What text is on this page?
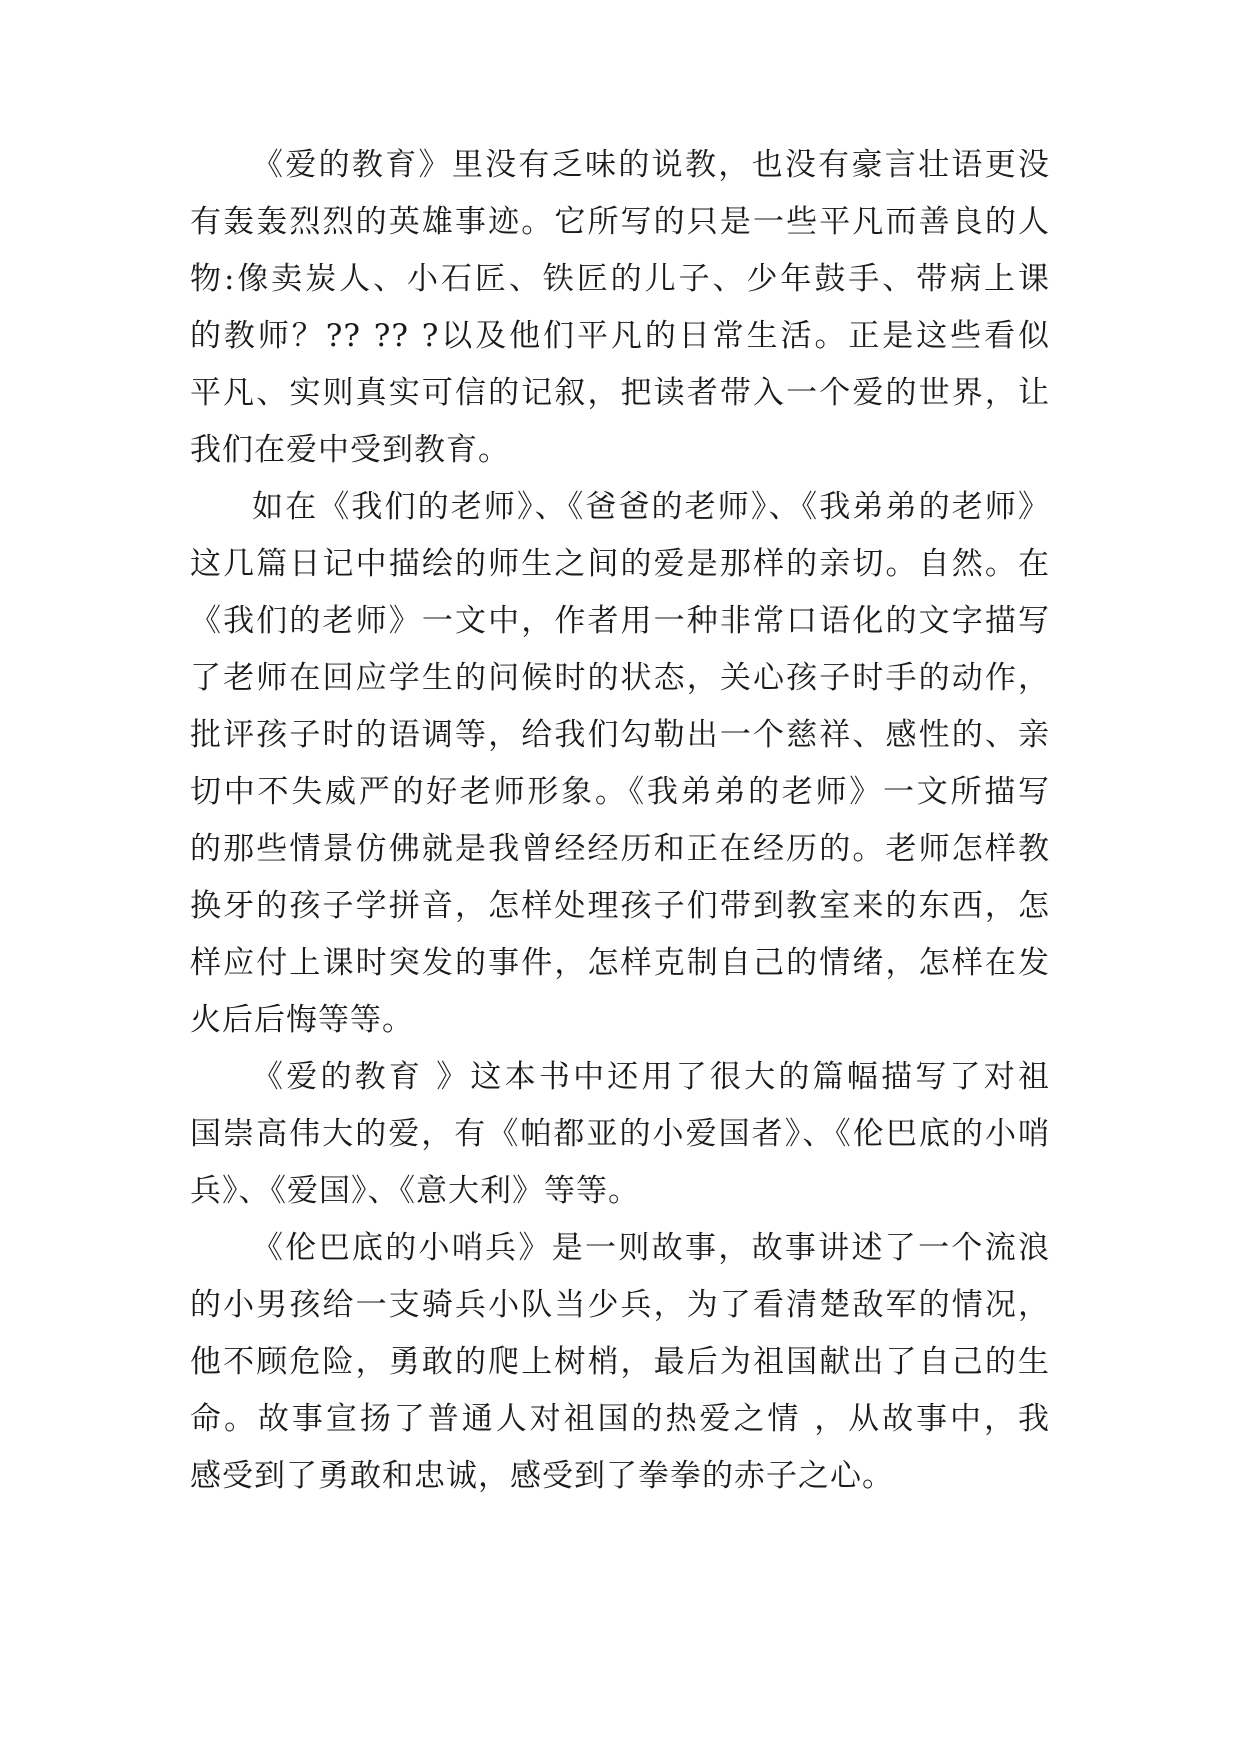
《爱的教育》里没有乏味的说教，也没有豪言壮语更没
有轰轰烈烈的英雄事迹。它所写的只是一些平凡而善良的人
物:像卖炭人、小石匠、铁匠的儿子、少年鼓手、带病上课
的教师？?? ?? ?以及他们平凡的日常生活。正是这些看似
平凡、实则真实可信的记叙，把读者带入一个爱的世界，让
我们在爱中受到教育。
如在《我们的老师》、《爸爸的老师》、《我弟弟的老师》
这几篇日记中描绘的师生之间的爱是那样的亲切。自然。在
《我们的老师》一文中，作者用一种非常口语化的文字描写
了老师在回应学生的问候时的状态，关心孩子时手的动作，
批评孩子时的语调等，给我们勾勒出一个慈祥、感性的、亲
切中不失威严的好老师形象。《我弟弟的老师》一文所描写
的那些情景仿佛就是我曾经经历和正在经历的。老师怎样教
换牙的孩子学拼音，怎样处理孩子们带到教室来的东西，怎
样应付上课时突发的事件，怎样克制自己的情绪，怎样在发
火后后悔等等。
《爱的教育 》这本书中还用了很大的篇幅描写了对祖
国崇高伟大的爱，有《帕都亚的小爱国者》、《伦巴底的小哨
兵》、《爱国》、《意大利》等等。
《伦巴底的小哨兵》是一则故事，故事讲述了一个流浪
的小男孩给一支骑兵小队当少兵，为了看清楚敌军的情况，
他不顾危险，勇敢的爬上树梢，最后为祖国献出了自己的生
命。故事宣扬了普通人对祖国的热爱之情 ，从故事中，我
感受到了勇敢和忠诚，感受到了拳拳的赤子之心。
